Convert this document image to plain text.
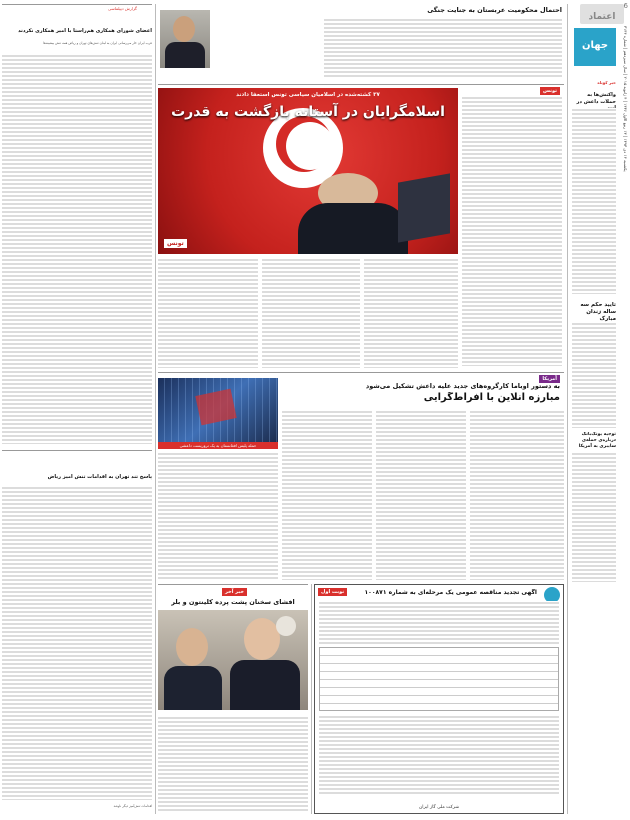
اعتماد
6
یکشنبه ۱۴ دی ۱۳۹۳ | ۱۳ ربیع الاول ۱۴۳۶ | ۴ ژانویه ۲۰۱۵ | سال سیزدهم | شماره ۳۱۴۴
جهان
خبر کوتاه
واکنش‌ها به حملات داعش در
تایید حکم سه ساله زندان مبارک
توجیه یونگ‌بانگ درباره‌ی حمله‌ی سایبری به آمریکا
احتمال محکومیت عربستان به جنایت جنگی
گزارش دیپلماسی
اعضای شورای همکاری هم‌راستا با امیر همکاری نکردند
غرب ایران خار می‌رسانی ایران به لبنان تنش‌های تهران و ریاض همه تنش بیشینه‌ها
پاسخ تند تهران به اقدامات تنش آمیز ریاض
اقدامات تنش‌آمیز دیگر ناوشد
تونس
تونس
۳۷ کشته‌شده در اسلامیان سیاسی تونس استعفا دادند
اسلامگرایان در آستانه بازگشت به قدرت
آمریکا
به دستور اوباما کارگروه‌های جدید علیه داعش تشکیل می‌شود
مبارزه آنلاین با افراط‌گرایی
حمله پلیس افغانستان به یک تروریست داعشی
خبر آخر
افشای سخنان پشت پرده کلینتون و بلر
نوبت اول	آگهی تجدید مناقصه عمومی یک مرحله‌ای به شماره ۱۰۰۸۷۱
شرکت ملی گاز ایران
